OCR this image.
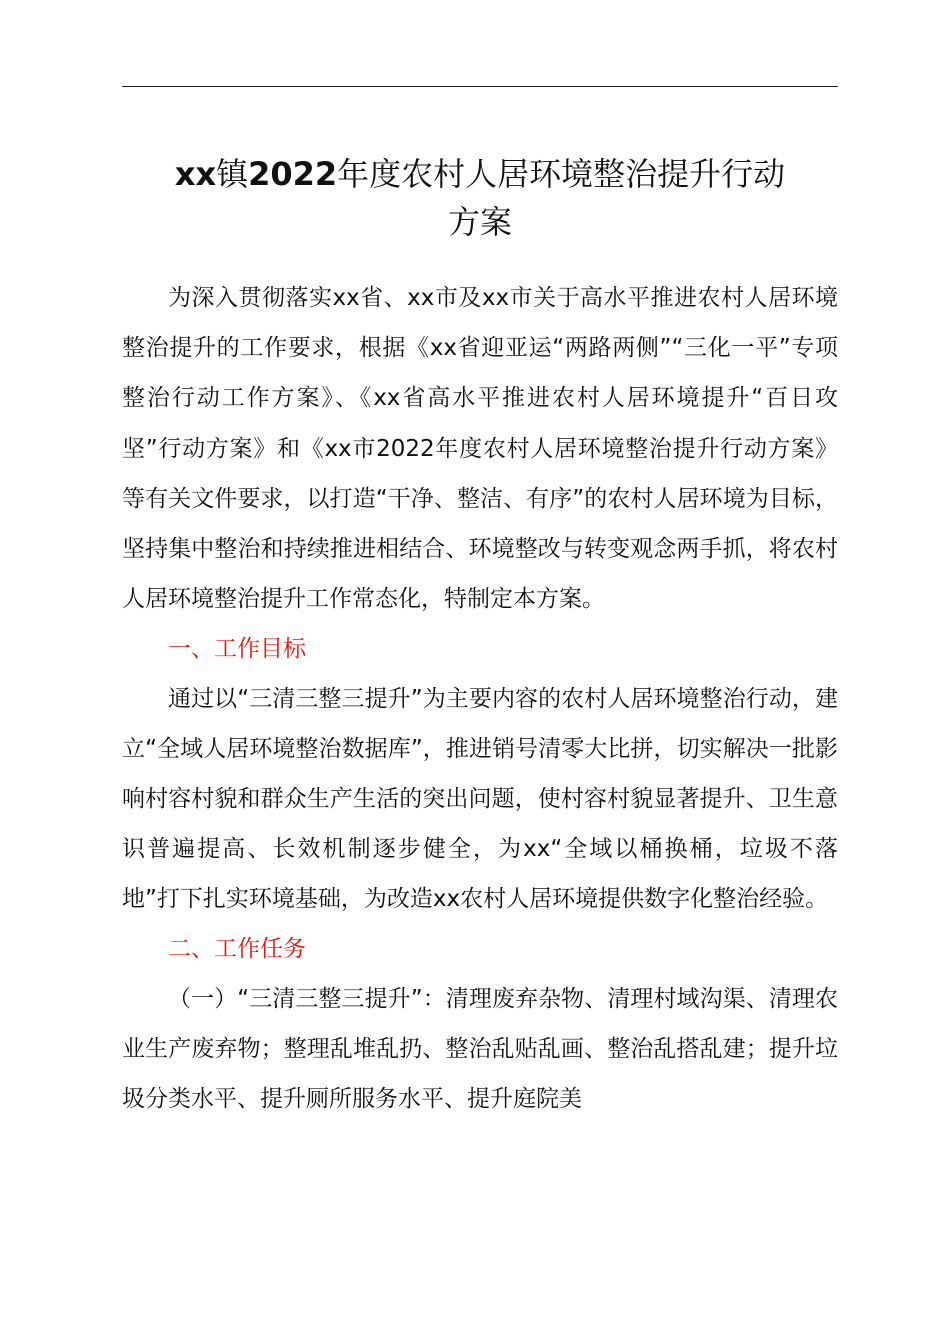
xx镇2022年度农村人居环境整治提升行动
方案

为深入贯彻落实xx省、xx市及xx市关于高水平推进农村人居环境整治提升的工作要求，根据《xx省迎亚运“两路两侧”“三化一平”专项整治行动工作方案》、《xx省高水平推进农村人居环境提升“百日攻坚”行动方案》和《xx市2022年度农村人居环境整治提升行动方案》等有关文件要求，以打造“干净、整洁、有序”的农村人居环境为目标，坚持集中整治和持续推进相结合、环境整改与转变观念两手抓，将农村人居环境整治提升工作常态化，特制定本方案。

一、工作目标

通过以“三清三整三提升”为主要内容的农村人居环境整治行动，建立“全域人居环境整治数据库”，推进销号清零大比拼，切实解决一批影响村容村貌和群众生产生活的突出问题，使村容村貌显著提升、卫生意识普遍提高、长效机制逐步健全，为xx“全域以桶换桶，垃圾不落地”打下扎实环境基础，为改造xx农村人居环境提供数字化整治经验。

二、工作任务

（一）“三清三整三提升”：清理废弃杂物、清理村域沟渠、清理农业生产废弃物；整理乱堆乱扔、整治乱贴乱画、整治乱搭乱建；提升垃圾分类水平、提升厕所服务水平、提升庭院美
